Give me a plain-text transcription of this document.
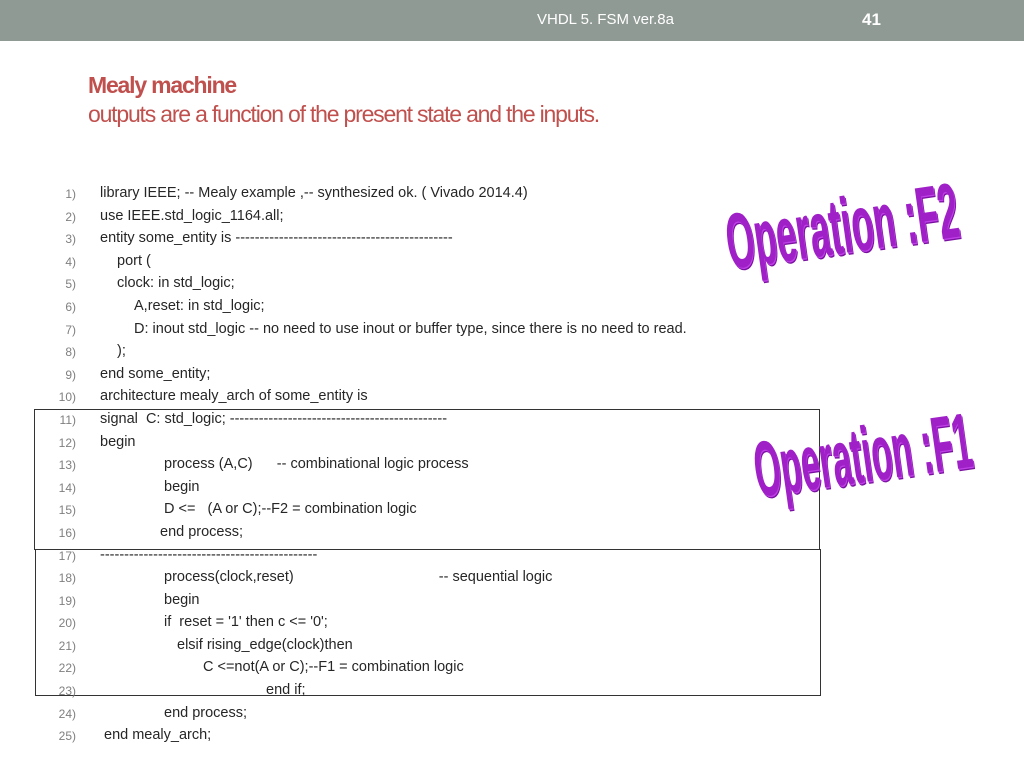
VHDL 5. FSM ver.8a	41
Mealy machine
outputs are a function of the present state and the inputs.
1) library IEEE; -- Mealy example ,-- synthesized ok. ( Vivado 2014.4)
2) use IEEE.std_logic_1164.all;
3) entity some_entity is ---------------------------------------------
4)	port (
5)	clock: in std_logic;
6)	A,reset: in std_logic;
7)	D: inout std_logic -- no need to use inout or buffer type, since there is no need to read.
8)	);
9) end some_entity;
10) architecture mealy_arch of some_entity is
11) signal  C: std_logic; ---------------------------------------------
12) begin
13)	process (A,C)      -- combinational logic process
14)	begin
15)	D <=   (A or C);--F2 = combination logic
16)	end process;
17) ---------------------------------------------
18)	process(clock,reset)                                    -- sequential logic
19)	begin
20)	if  reset = '1' then c <= '0';
21)	elsif rising_edge(clock)then
22)	C <=not(A or C);--F1 = combination logic
23)	end if;
24)	end process;
25) end mealy_arch;
Operation :F2
Operation :F1
